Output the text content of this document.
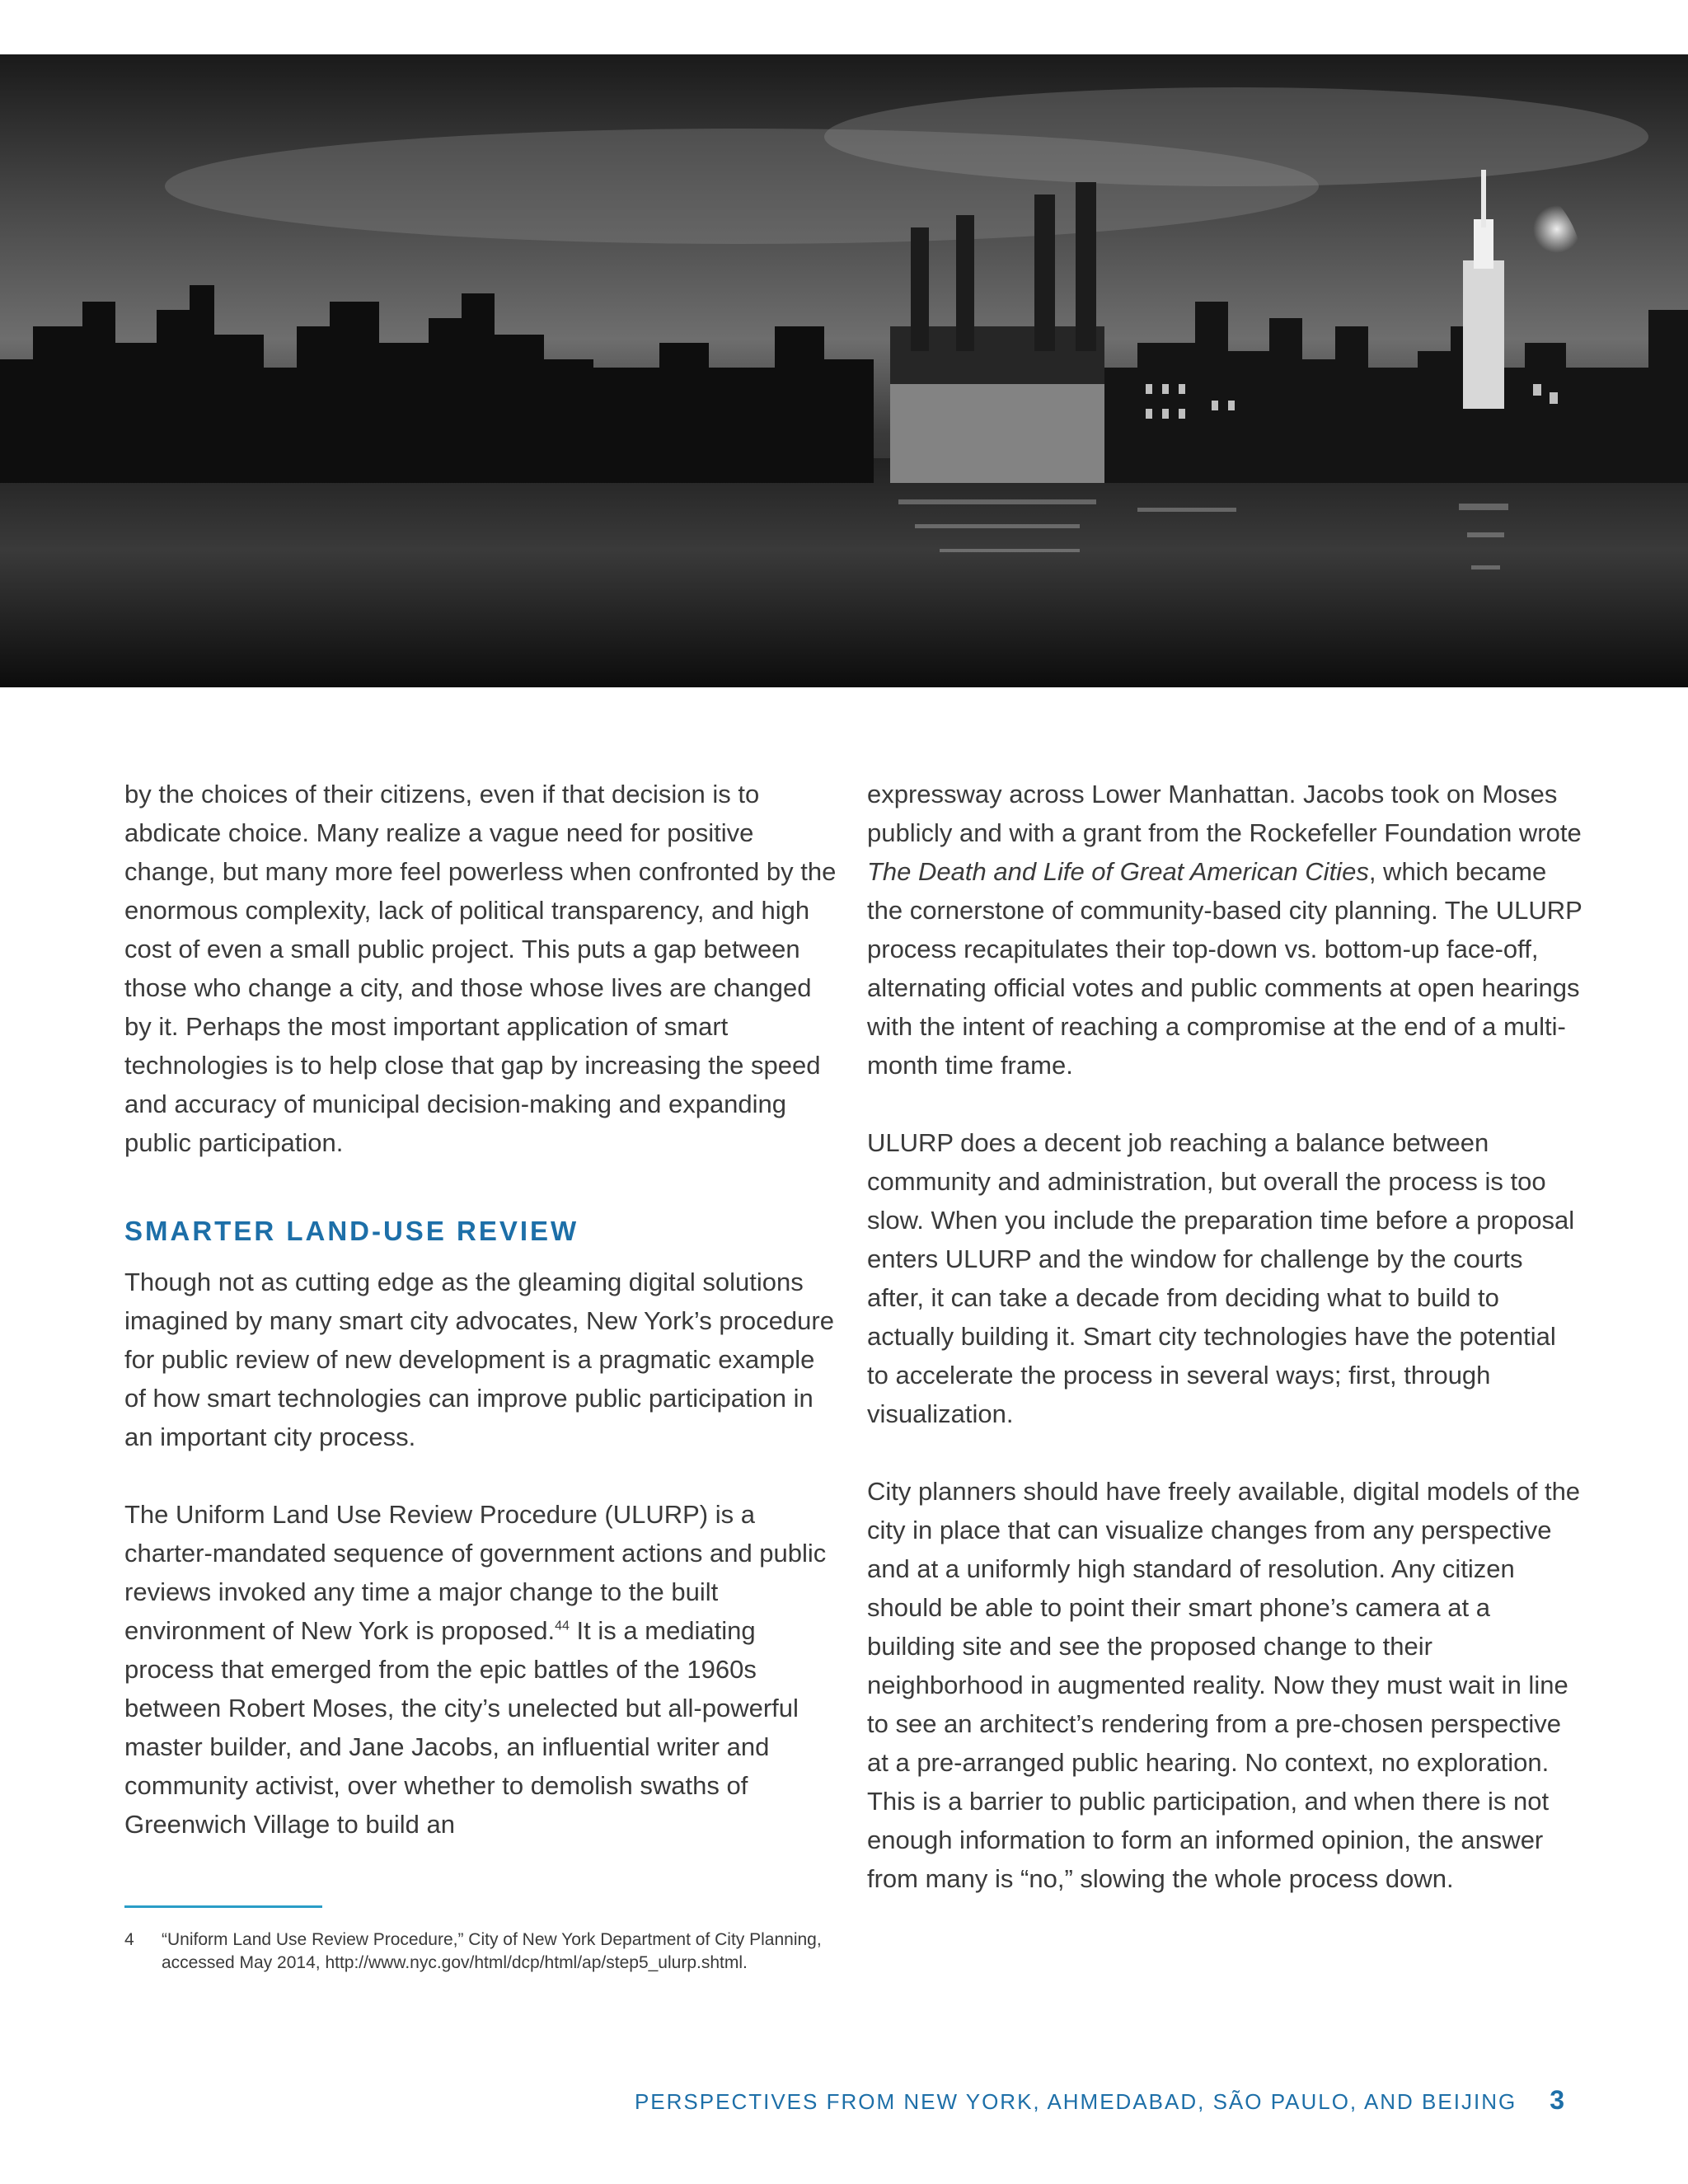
by the choices of their citizens, even if that decision is to abdicate choice. Many realize a vague need for positive change, but many more feel powerless when confronted by the enormous complexity, lack of political transparency, and high cost of even a small public project. This puts a gap between those who change a city, and those whose lives are changed by it. Perhaps the most important application of smart technologies is to help close that gap by increasing the speed and accuracy of municipal decision-making and expanding public participation.

SMARTER LAND-USE REVIEW

Though not as cutting edge as the gleaming digital solutions imagined by many smart city advocates, New York’s procedure for public review of new development is a pragmatic example of how smart technologies can improve public participation in an important city process.

The Uniform Land Use Review Procedure (ULURP) is a charter-mandated sequence of government actions and public reviews invoked any time a major change to the built environment of New York is proposed.$^{44}$ It is a mediating process that emerged from the epic battles of the 1960s between Robert Moses, the city’s unelected but all-powerful master builder, and Jane Jacobs, an influential writer and community activist, over whether to demolish swaths of Greenwich Village to build an

expressway across Lower Manhattan. Jacobs took on Moses publicly and with a grant from the Rockefeller Foundation wrote The Death and Life of Great American Cities, which became the cornerstone of community-based city planning. The ULURP process recapitulates their top-down vs. bottom-up face-off, alternating official votes and public comments at open hearings with the intent of reaching a compromise at the end of a multimonth time frame.

ULURP does a decent job reaching a balance between community and administration, but overall the process is too slow. When you include the preparation time before a proposal enters ULURP and the window for challenge by the courts after, it can take a decade from deciding what to build to actually building it. Smart city technologies have the potential to accelerate the process in several ways; first, through visualization.

City planners should have freely available, digital models of the city in place that can visualize changes from any perspective and at a uniformly high standard of resolution. Any citizen should be able to point their smart phone’s camera at a building site and see the proposed change to their neighborhood in augmented reality. Now they must wait in line to see an architect’s rendering from a pre-chosen perspective at a pre-arranged public hearing. No context, no exploration. This is a barrier to public participation, and when there is not enough information to form an informed opinion, the answer from many is “no,” slowing the whole process down.

4 “Uniform Land Use Review Procedure,” City of New York Department of City Planning, accessed May 2014, http://www.nyc.gov/html/dcp/html/ap/step5_ulurp.shtml.
PERSPECTIVES FROM NEW YORK, AHMEDABAD, SÃO PAULO, AND BEIJING 3
